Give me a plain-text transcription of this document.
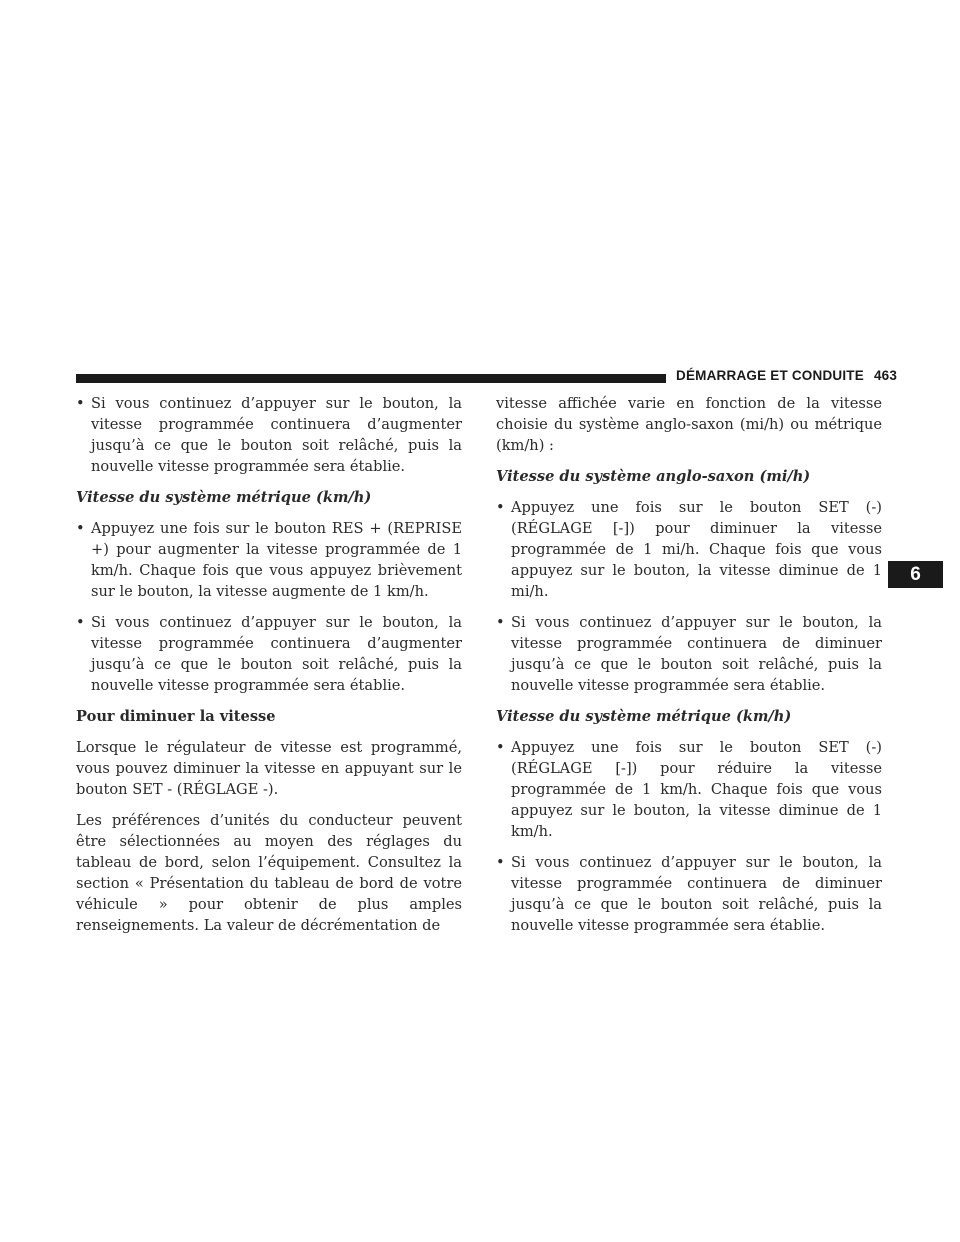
DÉMARRAGE ET CONDUITE 463
6
• Si vous continuez d’appuyer sur le bouton, la vitesse programmée continuera d’augmenter jusqu’à ce que le bouton soit relâché, puis la nouvelle vitesse programmée sera établie.

Vitesse du système métrique (km/h)

• Appuyez une fois sur le bouton RES + (REPRISE +) pour augmenter la vitesse programmée de 1 km/h. Chaque fois que vous appuyez brièvement sur le bouton, la vitesse augmente de 1 km/h.
• Si vous continuez d’appuyer sur le bouton, la vitesse programmée continuera d’augmenter jusqu’à ce que le bouton soit relâché, puis la nouvelle vitesse programmée sera établie.

Pour diminuer la vitesse

Lorsque le régulateur de vitesse est programmé, vous pouvez diminuer la vitesse en appuyant sur le bouton SET - (RÉGLAGE -).

Les préférences d’unités du conducteur peuvent être sélectionnées au moyen des réglages du tableau de bord, selon l’équipement. Consultez la section « Présentation du tableau de bord de votre véhicule » pour obtenir de plus amples renseignements. La valeur de décrémentation de

vitesse affichée varie en fonction de la vitesse choisie du système anglo-saxon (mi/h) ou métrique (km/h) :

Vitesse du système anglo-saxon (mi/h)

• Appuyez une fois sur le bouton SET (-) (RÉGLAGE [-]) pour diminuer la vitesse programmée de 1 mi/h. Chaque fois que vous appuyez sur le bouton, la vitesse diminue de 1 mi/h.
• Si vous continuez d’appuyer sur le bouton, la vitesse programmée continuera de diminuer jusqu’à ce que le bouton soit relâché, puis la nouvelle vitesse programmée sera établie.

Vitesse du système métrique (km/h)

• Appuyez une fois sur le bouton SET (-) (RÉGLAGE [-]) pour réduire la vitesse programmée de 1 km/h. Chaque fois que vous appuyez sur le bouton, la vitesse diminue de 1 km/h.
• Si vous continuez d’appuyer sur le bouton, la vitesse programmée continuera de diminuer jusqu’à ce que le bouton soit relâché, puis la nouvelle vitesse programmée sera établie.
